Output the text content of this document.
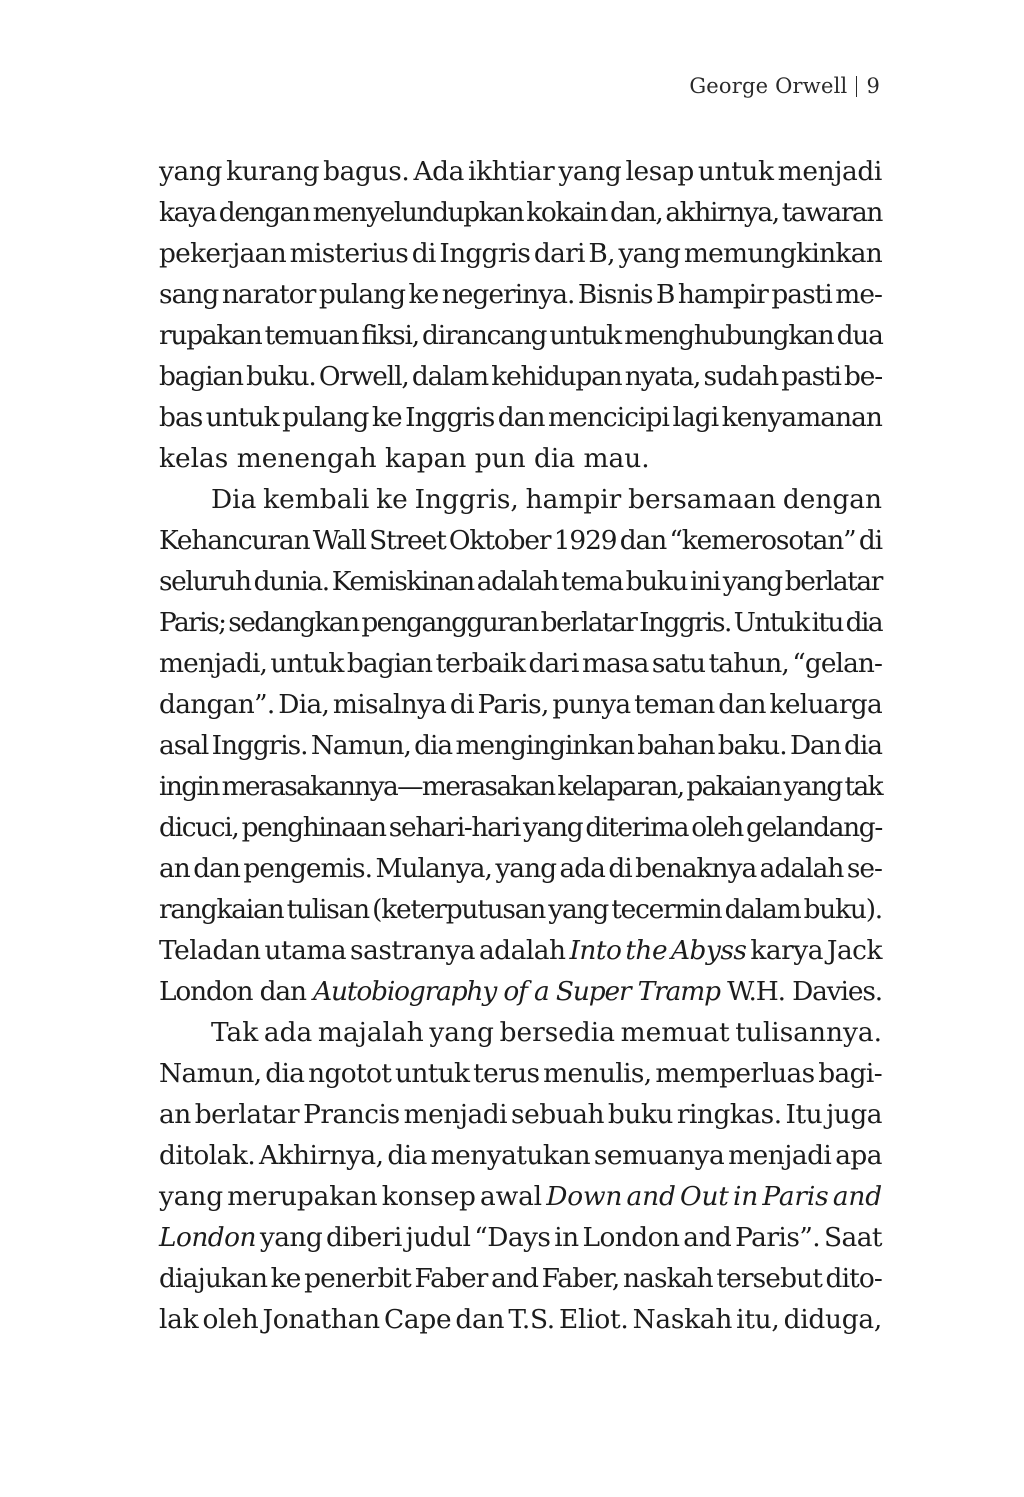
George Orwell 9
yang kurang bagus. Ada ikhtiar yang lesap untuk menjadi
kaya dengan menyelundupkan kokain dan, akhirnya, tawaran
pekerjaan misterius di Inggris dari B, yang memungkinkan
sang narator pulang ke negerinya. Bisnis B hampir pasti me-
rupakan temuan fiksi, dirancang untuk menghubungkan dua
bagian buku. Orwell, dalam kehidupan nyata, sudah pasti be-
bas untuk pulang ke Inggris dan mencicipi lagi kenyamanan
kelas menengah kapan pun dia mau.
Dia kembali ke Inggris, hampir bersamaan dengan
Kehancuran Wall Street Oktober 1929 dan “kemerosotan” di
seluruh dunia. Kemiskinan adalah tema buku ini yang berlatar
Paris; sedangkan pengangguran berlatar Inggris. Untuk itu dia
menjadi, untuk bagian terbaik dari masa satu tahun, “gelan-
dangan”. Dia, misalnya di Paris, punya teman dan keluarga
asal Inggris. Namun, dia menginginkan bahan baku. Dan dia
ingin merasakannya—merasakan kelaparan, pakaian yang tak
dicuci, penghinaan sehari-hari yang diterima oleh gelandang-
an dan pengemis. Mulanya, yang ada di benaknya adalah se-
rangkaian tulisan (keterputusan yang tecermin dalam buku).
Teladan utama sastranya adalah Into the Abyss karya Jack
London dan Autobiography of a Super Tramp W.H. Davies.
Tak ada majalah yang bersedia memuat tulisannya.
Namun, dia ngotot untuk terus menulis, memperluas bagi-
an berlatar Prancis menjadi sebuah buku ringkas. Itu juga
ditolak. Akhirnya, dia menyatukan semuanya menjadi apa
yang merupakan konsep awal Down and Out in Paris and
London yang diberi judul “Days in London and Paris”. Saat
diajukan ke penerbit Faber and Faber, naskah tersebut dito-
lak oleh Jonathan Cape dan T.S. Eliot. Naskah itu, diduga,
